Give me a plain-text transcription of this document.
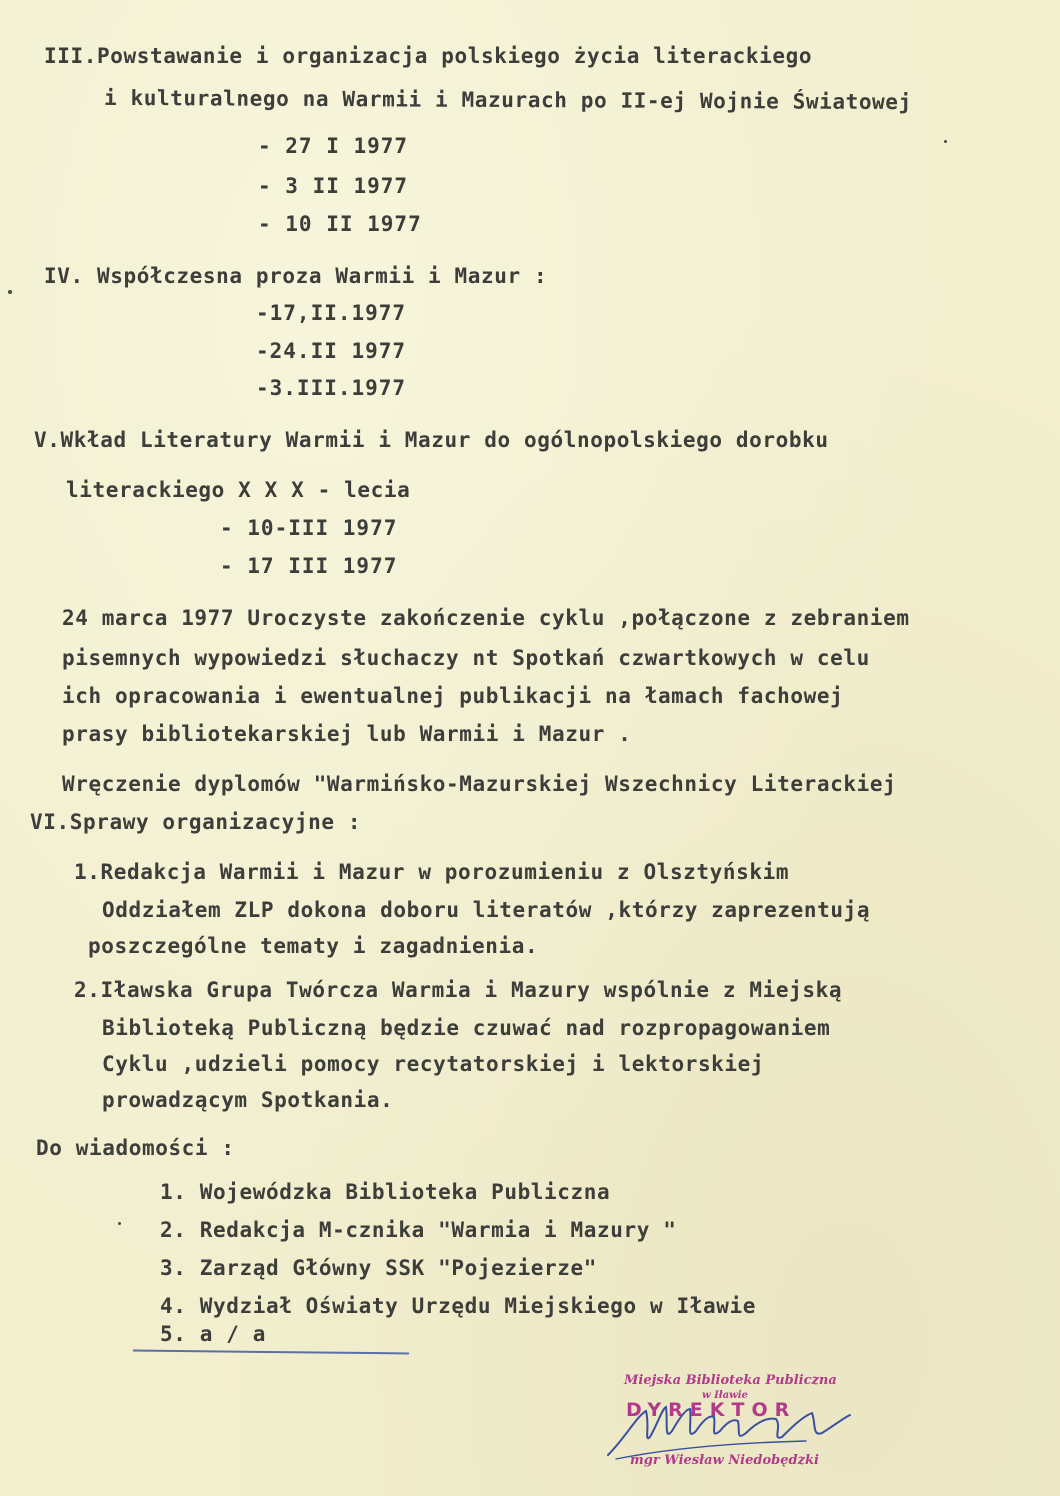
III.Powstawanie i organizacja polskiego życia literackiego
i kulturalnego na Warmii i Mazurach po II-ej Wojnie Światowej
- 27 I 1977
- 3 II 1977
- 10 II 1977
IV. Współczesna proza Warmii i Mazur :
-17,II.1977
-24.II 1977
-3.III.1977
V.Wkład Literatury Warmii i Mazur do ogólnopolskiego dorobku
literackiego X X X - lecia
- 10-III 1977
- 17 III 1977
24 marca 1977 Uroczyste zakończenie cyklu ,połączone z zebraniem
pisemnych wypowiedzi słuchaczy nt Spotkań czwartkowych w celu
ich opracowania i ewentualnej publikacji na łamach fachowej
prasy bibliotekarskiej lub Warmii i Mazur .
Wręczenie dyplomów "Warmińsko-Mazurskiej Wszechnicy Literackiej
VI.Sprawy organizacyjne :
1.Redakcja Warmii i Mazur w porozumieniu z Olsztyńskim
Oddziałem ZLP dokona doboru literatów ,którzy zaprezentują
poszczególne tematy i zagadnienia.
2.Iławska Grupa Twórcza Warmia i Mazury wspólnie z Miejską
Biblioteką Publiczną będzie czuwać nad rozpropagowaniem
Cyklu ,udzieli pomocy recytatorskiej i lektorskiej
prowadzącym Spotkania.
Do wiadomości :
1. Wojewódzka Biblioteka Publiczna
2. Redakcja M-cznika "Warmia i Mazury "
3. Zarząd Główny SSK "Pojezierze"
4. Wydział Oświaty Urzędu Miejskiego w Iławie
5. a / a
Miejska Biblioteka Publiczna
w Iławie
DYREKTOR
mgr Wiesław Niedobędzki
